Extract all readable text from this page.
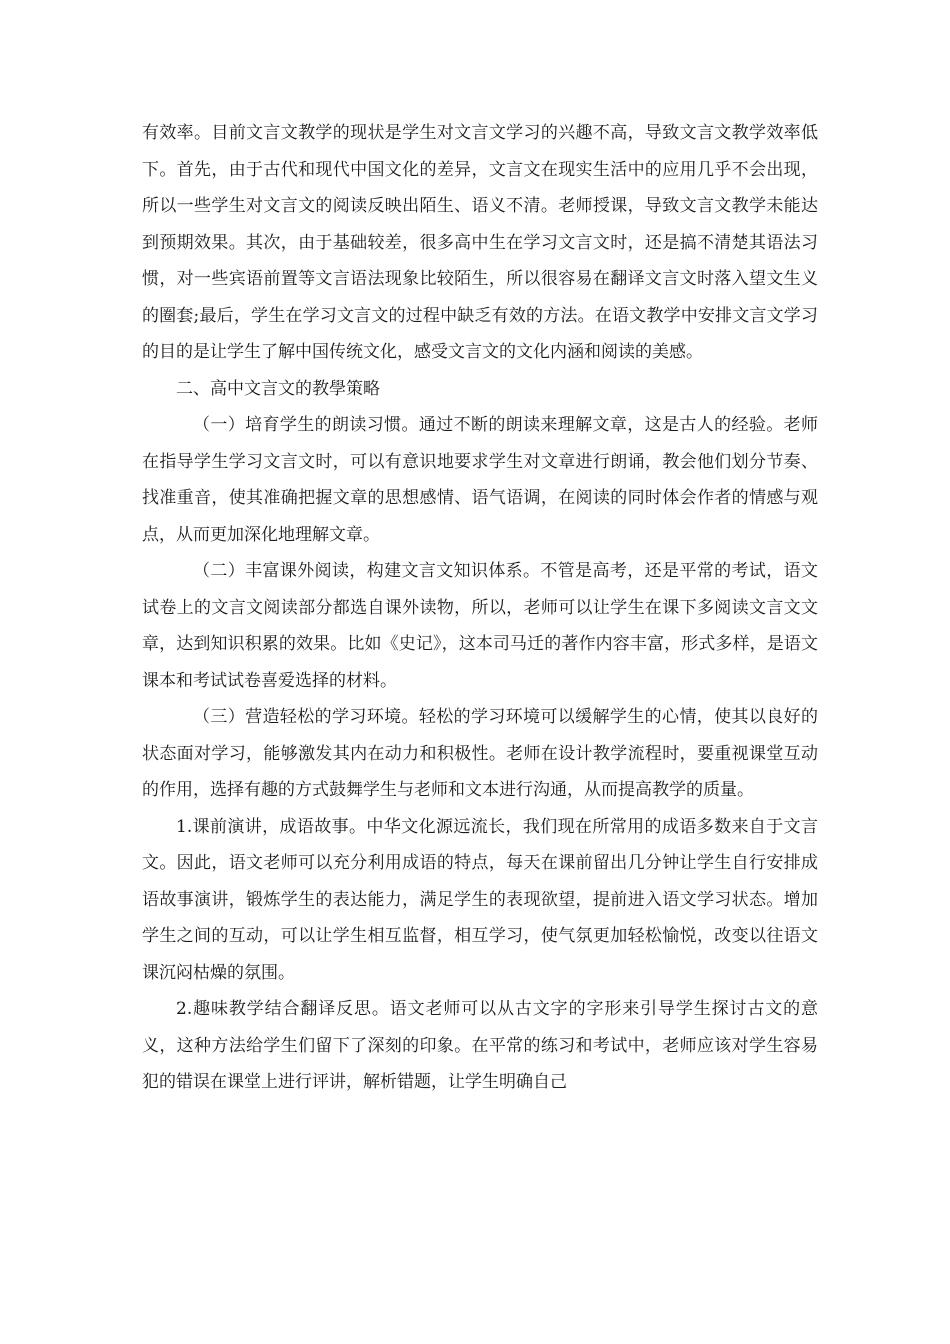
有效率。目前文言文教学的现状是学生对文言文学习的兴趣不高，导致文言文教学效率低下。首先，由于古代和现代中国文化的差异，文言文在现实生活中的应用几乎不会出现，所以一些学生对文言文的阅读反映出陌生、语义不清。老师授课，导致文言文教学未能达到预期效果。其次，由于基础较差，很多高中生在学习文言文时，还是搞不清楚其语法习惯，对一些宾语前置等文言语法现象比较陌生，所以很容易在翻译文言文时落入望文生义的圈套;最后，学生在学习文言文的过程中缺乏有效的方法。在语文教学中安排文言文学习的目的是让学生了解中国传统文化，感受文言文的文化内涵和阅读的美感。

二、高中文言文的教學策略

（一）培育学生的朗读习惯。通过不断的朗读来理解文章，这是古人的经验。老师在指导学生学习文言文时，可以有意识地要求学生对文章进行朗诵，教会他们划分节奏、找准重音，使其准确把握文章的思想感情、语气语调，在阅读的同时体会作者的情感与观点，从而更加深化地理解文章。

（二）丰富课外阅读，构建文言文知识体系。不管是高考，还是平常的考试，语文试卷上的文言文阅读部分都选自课外读物，所以，老师可以让学生在课下多阅读文言文文章，达到知识积累的效果。比如《史记》，这本司马迁的著作内容丰富，形式多样，是语文课本和考试试卷喜爱选择的材料。

（三）营造轻松的学习环境。轻松的学习环境可以缓解学生的心情，使其以良好的状态面对学习，能够激发其内在动力和积极性。老师在设计教学流程时，要重视课堂互动的作用，选择有趣的方式鼓舞学生与老师和文本进行沟通，从而提高教学的质量。

1.课前演讲，成语故事。中华文化源远流长，我们现在所常用的成语多数来自于文言文。因此，语文老师可以充分利用成语的特点，每天在课前留出几分钟让学生自行安排成语故事演讲，锻炼学生的表达能力，满足学生的表现欲望，提前进入语文学习状态。增加学生之间的互动，可以让学生相互监督，相互学习，使气氛更加轻松愉悦，改变以往语文课沉闷枯燥的氛围。

2.趣味教学结合翻译反思。语文老师可以从古文字的字形来引导学生探讨古文的意义，这种方法给学生们留下了深刻的印象。在平常的练习和考试中，老师应该对学生容易犯的错误在课堂上进行评讲，解析错题，让学生明确自己
